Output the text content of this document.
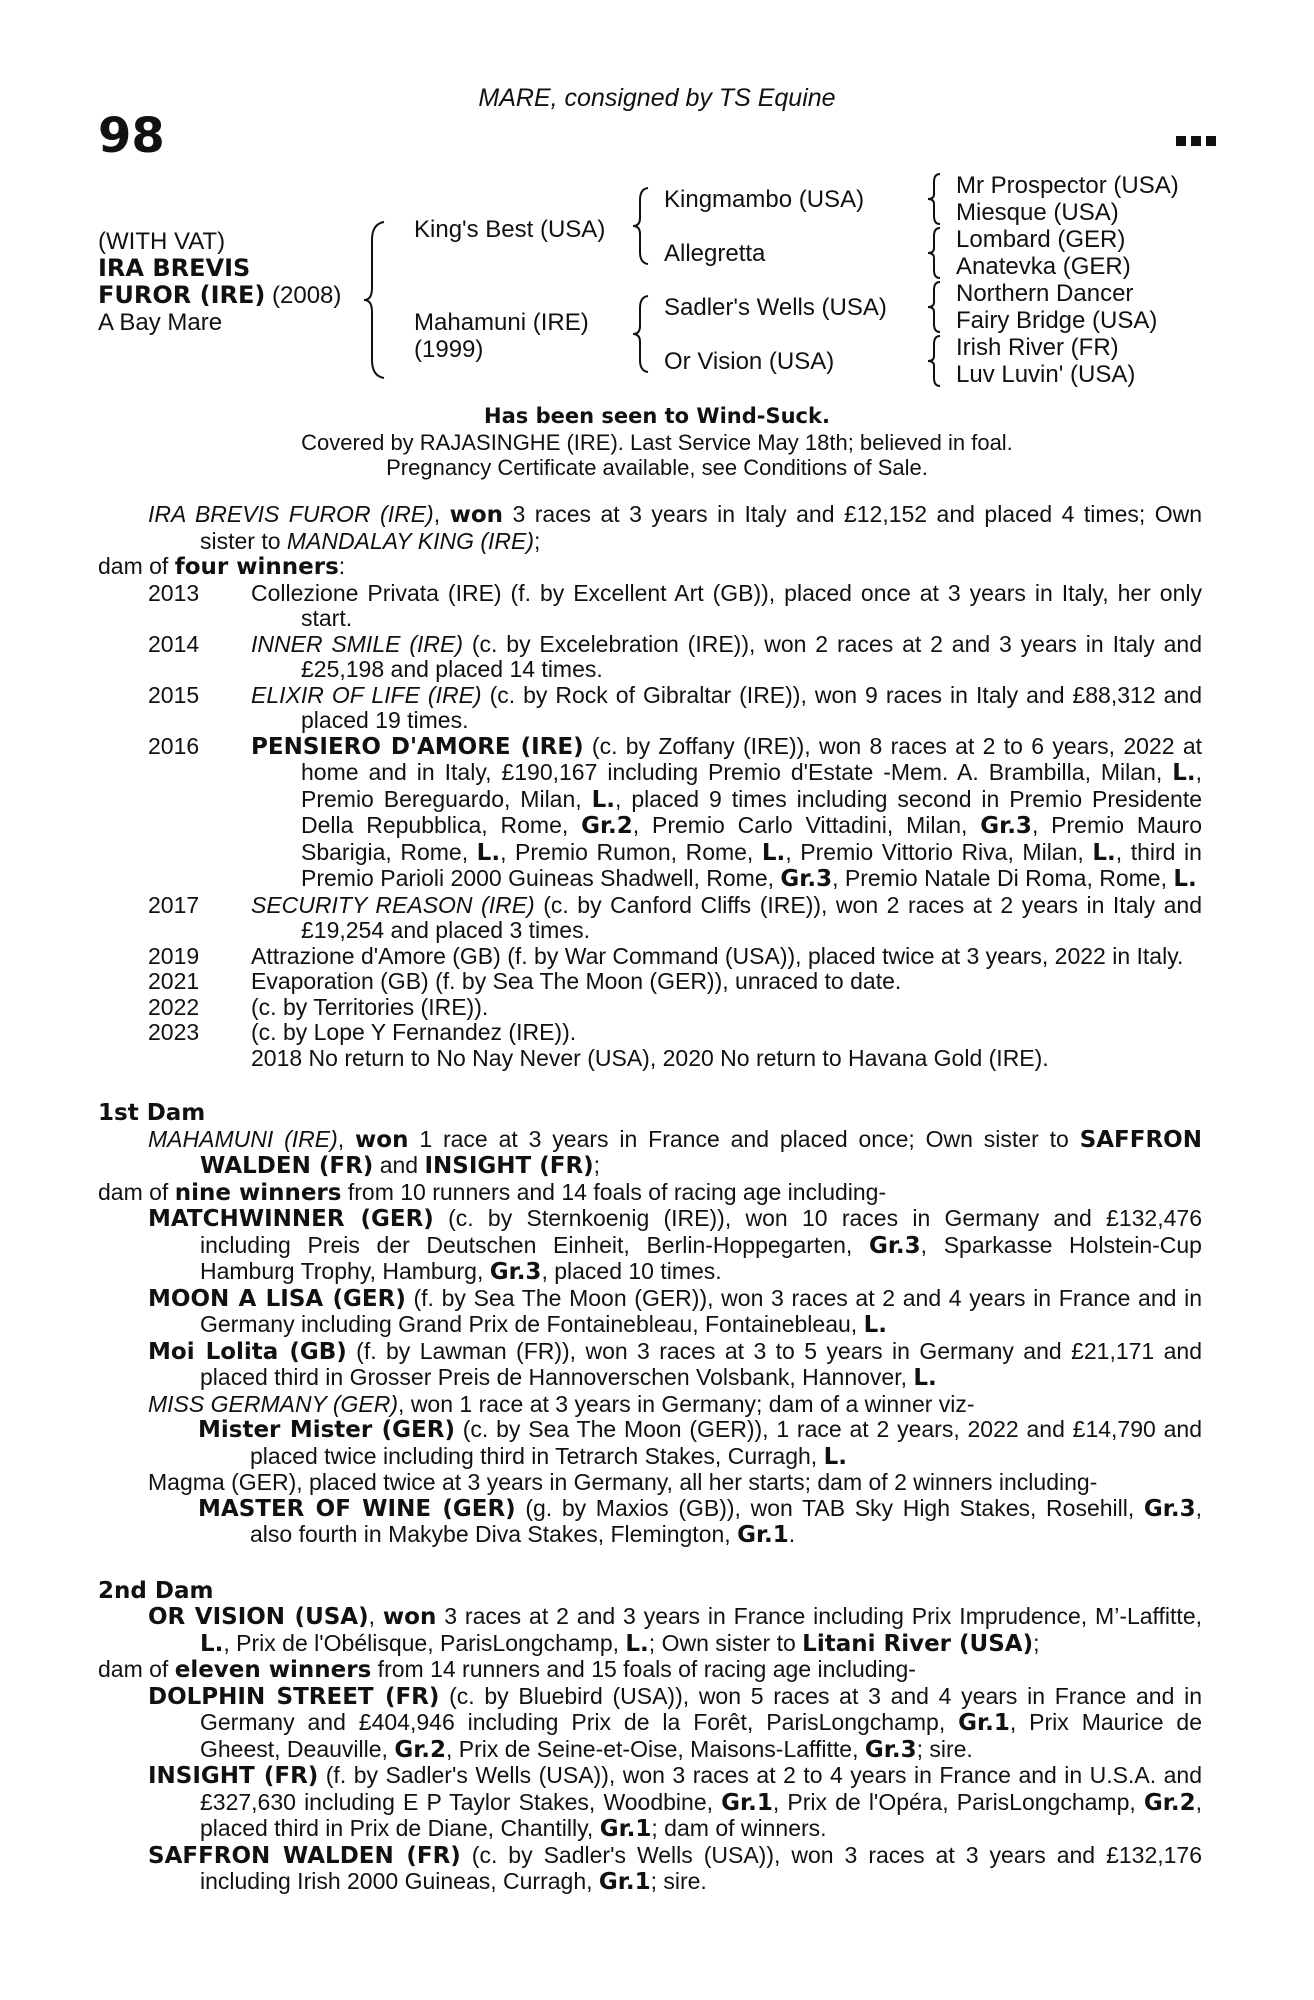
98
MARE, consigned by TS Equine
(WITH VAT)
IRA BREVIS
FUROR (IRE) (2008)
A Bay Mare
King's Best (USA)
Mahamuni (IRE)
(1999)
Kingmambo (USA)
Allegretta
Sadler's Wells (USA)
Or Vision (USA)
Mr Prospector (USA)
Miesque (USA)
Lombard (GER)
Anatevka (GER)
Northern Dancer
Fairy Bridge (USA)
Irish River (FR)
Luv Luvin' (USA)
Has been seen to Wind-Suck.
Covered by RAJASINGHE (IRE). Last Service May 18th; believed in foal.
Pregnancy Certificate available, see Conditions of Sale.

IRA BREVIS FUROR (IRE), won 3 races at 3 years in Italy and £12,152 and placed 4 times; Own sister to MANDALAY KING (IRE);

dam of four winners:

2013	Collezione Privata (IRE) (f. by Excellent Art (GB)), placed once at 3 years in Italy, her only start.
2014	INNER SMILE (IRE) (c. by Excelebration (IRE)), won 2 races at 2 and 3 years in Italy and £25,198 and placed 14 times.
2015	ELIXIR OF LIFE (IRE) (c. by Rock of Gibraltar (IRE)), won 9 races in Italy and £88,312 and placed 19 times.
2016	PENSIERO D'AMORE (IRE) (c. by Zoffany (IRE)), won 8 races at 2 to 6 years, 2022 at home and in Italy, £190,167 including Premio d'Estate -Mem. A. Brambilla, Milan, L., Premio Bereguardo, Milan, L., placed 9 times including second in Premio Presidente Della Repubblica, Rome, Gr.2, Premio Carlo Vittadini, Milan, Gr.3, Premio Mauro Sbarigia, Rome, L., Premio Rumon, Rome, L., Premio Vittorio Riva, Milan, L., third in Premio Parioli 2000 Guineas Shadwell, Rome, Gr.3, Premio Natale Di Roma, Rome, L.
2017	SECURITY REASON (IRE) (c. by Canford Cliffs (IRE)), won 2 races at 2 years in Italy and £19,254 and placed 3 times.
2019	Attrazione d'Amore (GB) (f. by War Command (USA)), placed twice at 3 years, 2022 in Italy.
2021	Evaporation (GB) (f. by Sea The Moon (GER)), unraced to date.
2022	(c. by Territories (IRE)).
2023	(c. by Lope Y Fernandez (IRE)).
2018 No return to No Nay Never (USA), 2020 No return to Havana Gold (IRE).

1st Dam

MAHAMUNI (IRE), won 1 race at 3 years in France and placed once; Own sister to SAFFRON WALDEN (FR) and INSIGHT (FR);

dam of nine winners from 10 runners and 14 foals of racing age including-

MATCHWINNER (GER) (c. by Sternkoenig (IRE)), won 10 races in Germany and £132,476 including Preis der Deutschen Einheit, Berlin-Hoppegarten, Gr.3, Sparkasse Holstein-Cup Hamburg Trophy, Hamburg, Gr.3, placed 10 times.

MOON A LISA (GER) (f. by Sea The Moon (GER)), won 3 races at 2 and 4 years in France and in Germany including Grand Prix de Fontainebleau, Fontainebleau, L.

Moi Lolita (GB) (f. by Lawman (FR)), won 3 races at 3 to 5 years in Germany and £21,171 and placed third in Grosser Preis de Hannoverschen Volsbank, Hannover, L.

MISS GERMANY (GER), won 1 race at 3 years in Germany; dam of a winner viz-

Mister Mister (GER) (c. by Sea The Moon (GER)), 1 race at 2 years, 2022 and £14,790 and placed twice including third in Tetrarch Stakes, Curragh, L.

Magma (GER), placed twice at 3 years in Germany, all her starts; dam of 2 winners including-

MASTER OF WINE (GER) (g. by Maxios (GB)), won TAB Sky High Stakes, Rosehill, Gr.3, also fourth in Makybe Diva Stakes, Flemington, Gr.1.

2nd Dam

OR VISION (USA), won 3 races at 2 and 3 years in France including Prix Imprudence, M’-Laffitte, L., Prix de l'Obélisque, ParisLongchamp, L.; Own sister to Litani River (USA);

dam of eleven winners from 14 runners and 15 foals of racing age including-

DOLPHIN STREET (FR) (c. by Bluebird (USA)), won 5 races at 3 and 4 years in France and in Germany and £404,946 including Prix de la Forêt, ParisLongchamp, Gr.1, Prix Maurice de Gheest, Deauville, Gr.2, Prix de Seine-et-Oise, Maisons-Laffitte, Gr.3; sire.

INSIGHT (FR) (f. by Sadler's Wells (USA)), won 3 races at 2 to 4 years in France and in U.S.A. and £327,630 including E P Taylor Stakes, Woodbine, Gr.1, Prix de l'Opéra, ParisLongchamp, Gr.2, placed third in Prix de Diane, Chantilly, Gr.1; dam of winners.

SAFFRON WALDEN (FR) (c. by Sadler's Wells (USA)), won 3 races at 3 years and £132,176 including Irish 2000 Guineas, Curragh, Gr.1; sire.
